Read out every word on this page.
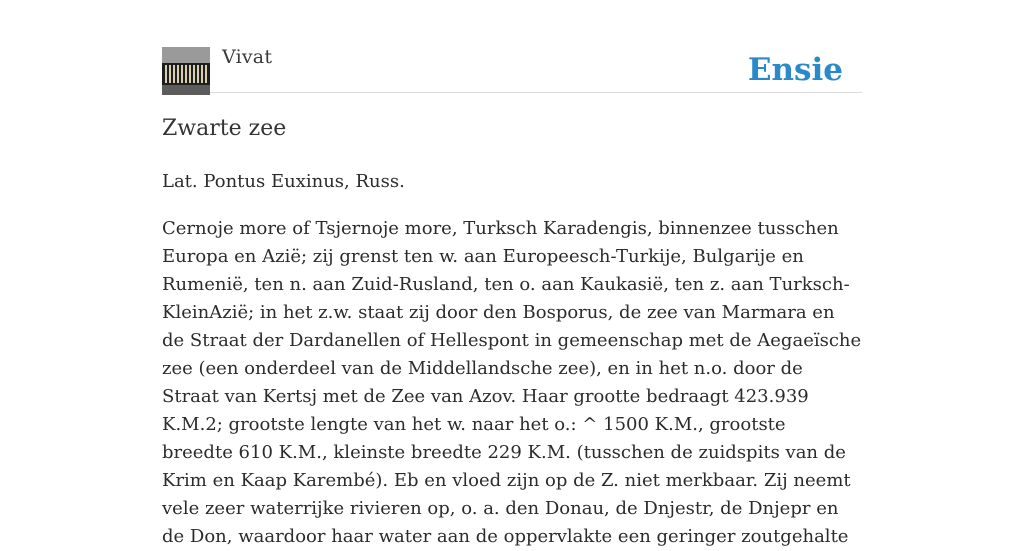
Vivat	Ensie
Zwarte zee

Lat. Pontus Euxinus, Russ.

Cernoje more of Tsjernoje more, Turksch Karadengis, binnenzee tusschen Europa en Azië; zij grenst ten w. aan Europeesch-Turkije, Bulgarije en Rumenië, ten n. aan Zuid-Rusland, ten o. aan Kaukasië, ten z. aan Turksch-KleinAzië; in het z.w. staat zij door den Bosporus, de zee van Marmara en de Straat der Dardanellen of Hellespont in gemeenschap met de Aegaeïsche zee (een onderdeel van de Middellandsche zee), en in het n.o. door de Straat van Kertsj met de Zee van Azov. Haar grootte bedraagt 423.939 K.M.2; grootste lengte van het w. naar het o.: ^ 1500 K.M., grootste breedte 610 K.M., kleinste breedte 229 K.M. (tusschen de zuidspits van de Krim en Kaap Karembé). Eb en vloed zijn op de Z. niet merkbaar. Zij neemt vele zeer waterrijke rivieren op, o. a. den Donau, de Dnjestr, de Dnjepr en de Don, waardoor haar water aan de oppervlakte een geringer zoutgehalte
